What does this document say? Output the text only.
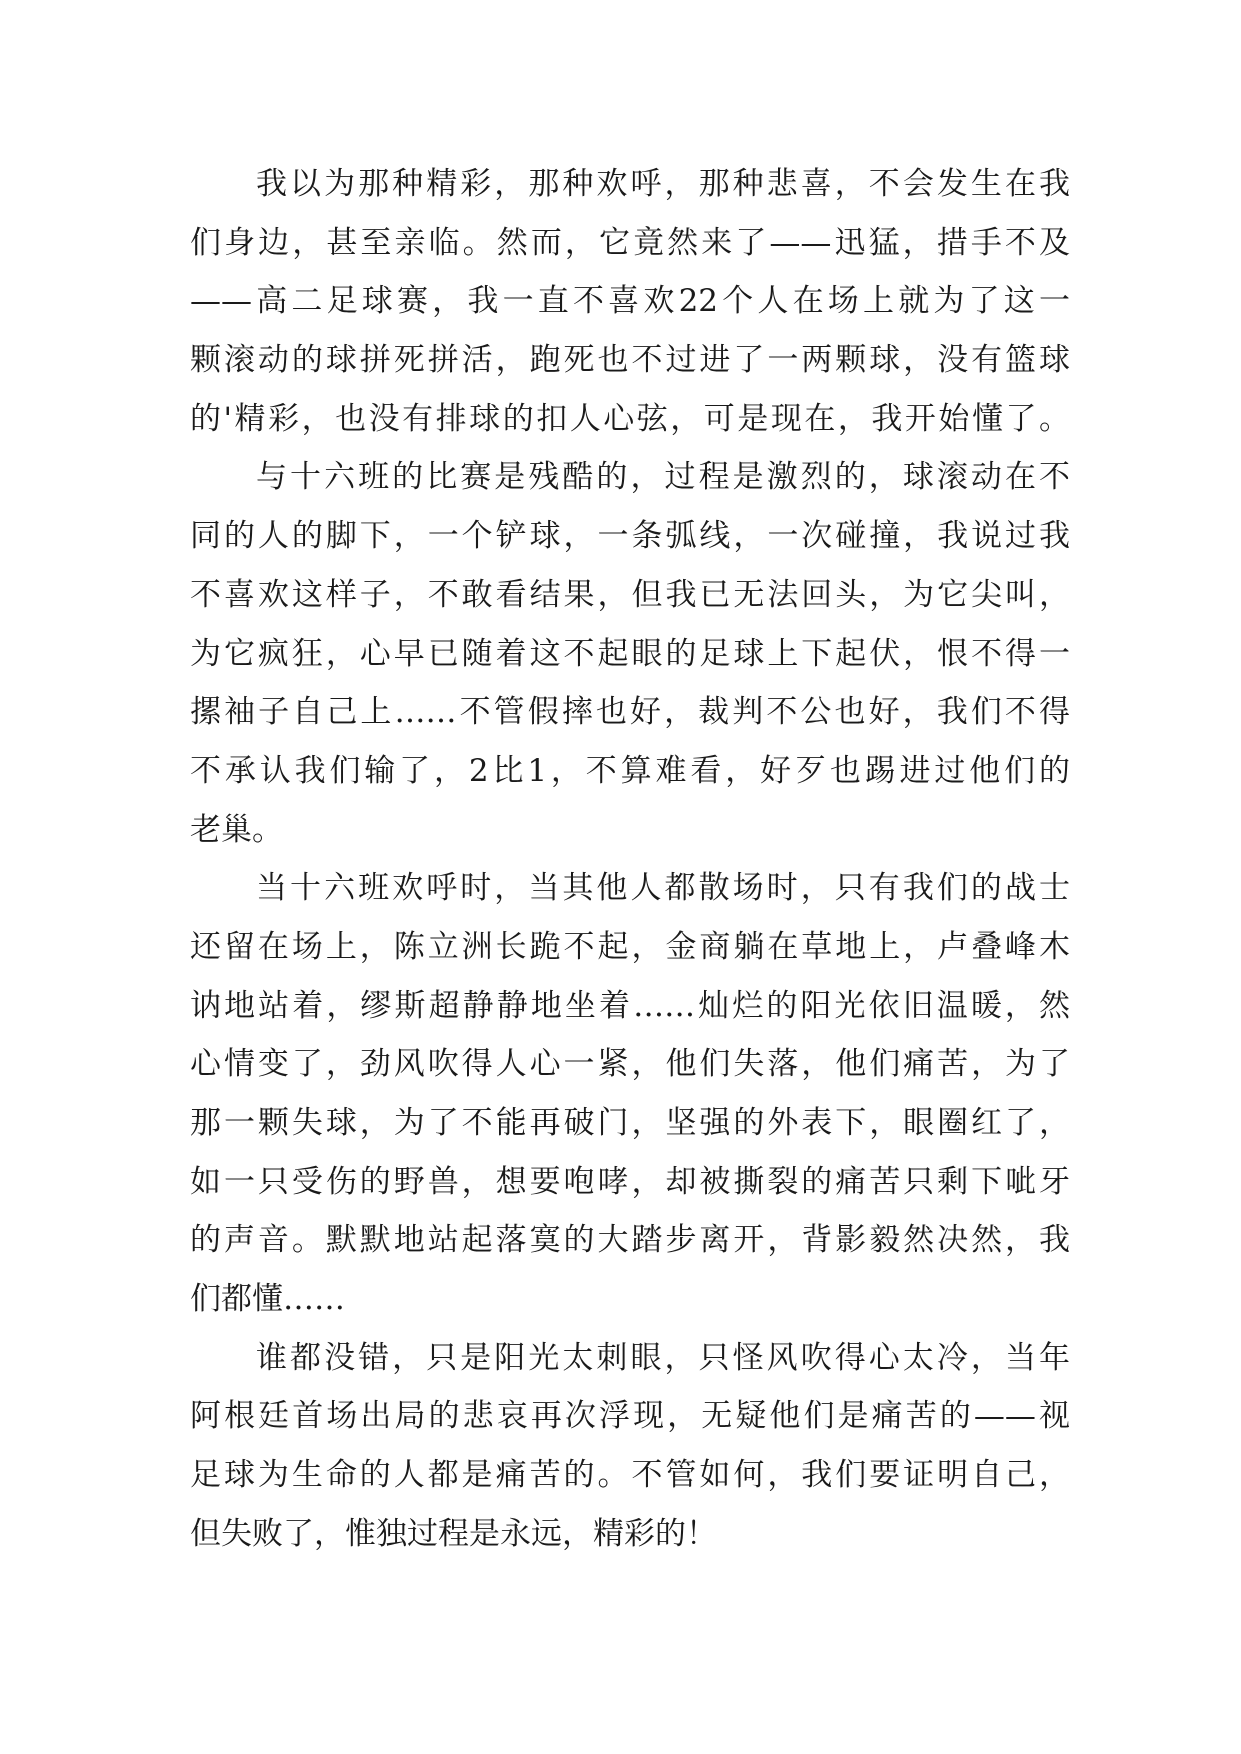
我以为那种精彩，那种欢呼，那种悲喜，不会发生在我
们身边，甚至亲临。然而，它竟然来了——迅猛，措手不及
——高二足球赛，我一直不喜欢22个人在场上就为了这一
颗滚动的球拼死拼活，跑死也不过进了一两颗球，没有篮球
的'精彩，也没有排球的扣人心弦，可是现在，我开始懂了。
与十六班的比赛是残酷的，过程是激烈的，球滚动在不
同的人的脚下，一个铲球，一条弧线，一次碰撞，我说过我
不喜欢这样子，不敢看结果，但我已无法回头，为它尖叫，
为它疯狂，心早已随着这不起眼的足球上下起伏，恨不得一
摞袖子自己上……不管假摔也好，裁判不公也好，我们不得
不承认我们输了，2比1，不算难看，好歹也踢进过他们的
老巢。
当十六班欢呼时，当其他人都散场时，只有我们的战士
还留在场上，陈立洲长跪不起，金商躺在草地上，卢叠峰木
讷地站着，缪斯超静静地坐着……灿烂的阳光依旧温暖，然
心情变了，劲风吹得人心一紧，他们失落，他们痛苦，为了
那一颗失球，为了不能再破门，坚强的外表下，眼圈红了，
如一只受伤的野兽，想要咆哮，却被撕裂的痛苦只剩下呲牙
的声音。默默地站起落寞的大踏步离开，背影毅然决然，我
们都懂……
谁都没错，只是阳光太刺眼，只怪风吹得心太冷，当年
阿根廷首场出局的悲哀再次浮现，无疑他们是痛苦的——视
足球为生命的人都是痛苦的。不管如何，我们要证明自己，
但失败了，惟独过程是永远，精彩的！
